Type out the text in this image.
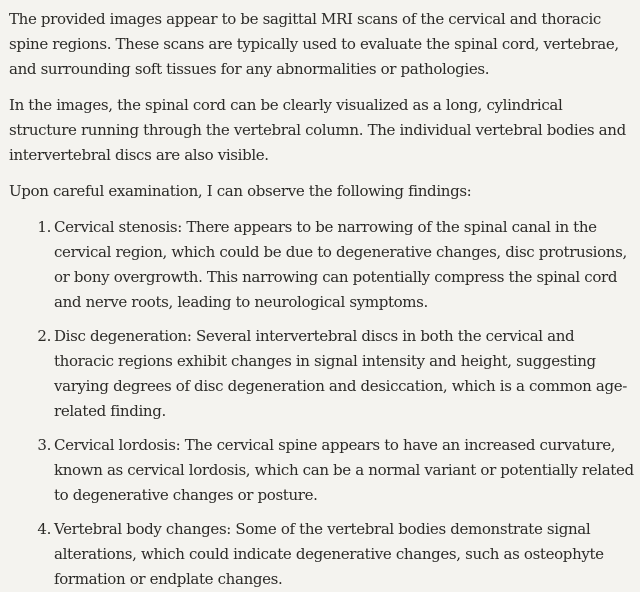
The provided images appear to be sagittal MRI scans of the cervical and thoracic spine regions. These scans are typically used to evaluate the spinal cord, vertebrae, and surrounding soft tissues for any abnormalities or pathologies.

In the images, the spinal cord can be clearly visualized as a long, cylindrical structure running through the vertebral column. The individual vertebral bodies and intervertebral discs are also visible.

Upon careful examination, I can observe the following findings:

1. Cervical stenosis: There appears to be narrowing of the spinal canal in the cervical region, which could be due to degenerative changes, disc protrusions, or bony overgrowth. This narrowing can potentially compress the spinal cord and nerve roots, leading to neurological symptoms.
2. Disc degeneration: Several intervertebral discs in both the cervical and thoracic regions exhibit changes in signal intensity and height, suggesting varying degrees of disc degeneration and desiccation, which is a common age-related finding.
3. Cervical lordosis: The cervical spine appears to have an increased curvature, known as cervical lordosis, which can be a normal variant or potentially related to degenerative changes or posture.
4. Vertebral body changes: Some of the vertebral bodies demonstrate signal alterations, which could indicate degenerative changes, such as osteophyte formation or endplate changes.
